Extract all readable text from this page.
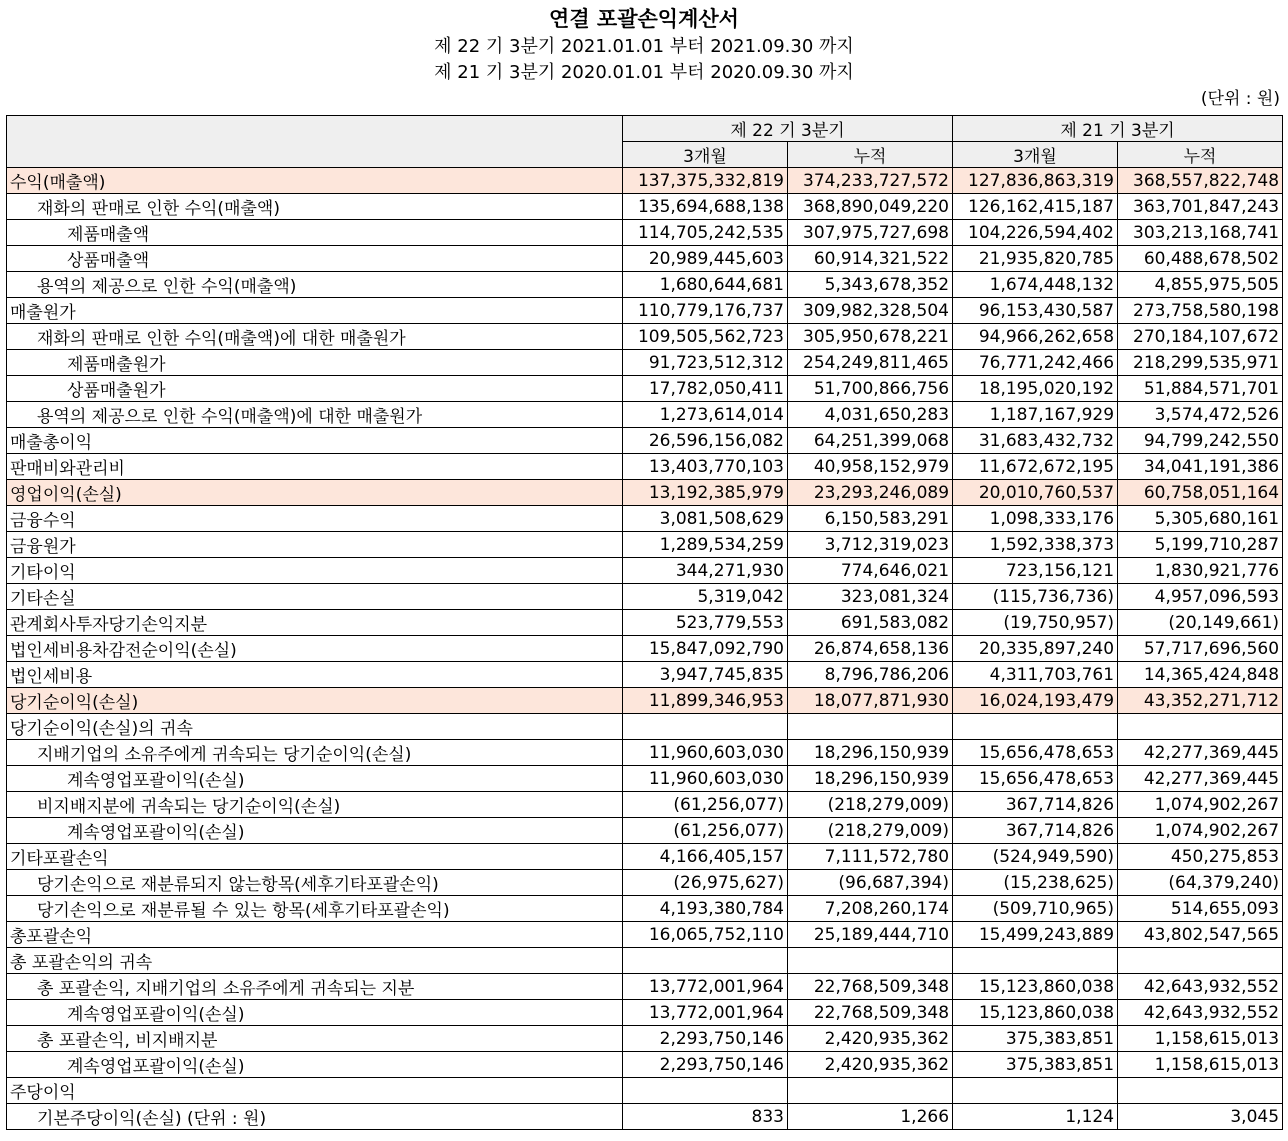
연결 포괄손익계산서
제 22 기 3분기 2021.01.01 부터 2021.09.30 까지
제 21 기 3분기 2020.01.01 부터 2020.09.30 까지
(단위 : 원)
	제 22 기 3분기		제 21 기 3분기	
	3개월	누적	3개월	누적
수익(매출액)	137,375,332,819	374,233,727,572	127,836,863,319	368,557,822,748
재화의 판매로 인한 수익(매출액)	135,694,688,138	368,890,049,220	126,162,415,187	363,701,847,243
제품매출액	114,705,242,535	307,975,727,698	104,226,594,402	303,213,168,741
상품매출액	20,989,445,603	60,914,321,522	21,935,820,785	60,488,678,502
용역의 제공으로 인한 수익(매출액)	1,680,644,681	5,343,678,352	1,674,448,132	4,855,975,505
매출원가	110,779,176,737	309,982,328,504	96,153,430,587	273,758,580,198
재화의 판매로 인한 수익(매출액)에 대한 매출원가	109,505,562,723	305,950,678,221	94,966,262,658	270,184,107,672
제품매출원가	91,723,512,312	254,249,811,465	76,771,242,466	218,299,535,971
상품매출원가	17,782,050,411	51,700,866,756	18,195,020,192	51,884,571,701
용역의 제공으로 인한 수익(매출액)에 대한 매출원가	1,273,614,014	4,031,650,283	1,187,167,929	3,574,472,526
매출총이익	26,596,156,082	64,251,399,068	31,683,432,732	94,799,242,550
판매비와관리비	13,403,770,103	40,958,152,979	11,672,672,195	34,041,191,386
영업이익(손실)	13,192,385,979	23,293,246,089	20,010,760,537	60,758,051,164
금융수익	3,081,508,629	6,150,583,291	1,098,333,176	5,305,680,161
금융원가	1,289,534,259	3,712,319,023	1,592,338,373	5,199,710,287
기타이익	344,271,930	774,646,021	723,156,121	1,830,921,776
기타손실	5,319,042	323,081,324	(115,736,736)	4,957,096,593
관계회사투자당기손익지분	523,779,553	691,583,082	(19,750,957)	(20,149,661)
법인세비용차감전순이익(손실)	15,847,092,790	26,874,658,136	20,335,897,240	57,717,696,560
법인세비용	3,947,745,835	8,796,786,206	4,311,703,761	14,365,424,848
당기순이익(손실)	11,899,346,953	18,077,871,930	16,024,193,479	43,352,271,712
당기순이익(손실)의 귀속				
지배기업의 소유주에게 귀속되는 당기순이익(손실)	11,960,603,030	18,296,150,939	15,656,478,653	42,277,369,445
계속영업포괄이익(손실)	11,960,603,030	18,296,150,939	15,656,478,653	42,277,369,445
비지배지분에 귀속되는 당기순이익(손실)	(61,256,077)	(218,279,009)	367,714,826	1,074,902,267
계속영업포괄이익(손실)	(61,256,077)	(218,279,009)	367,714,826	1,074,902,267
기타포괄손익	4,166,405,157	7,111,572,780	(524,949,590)	450,275,853
당기손익으로 재분류되지 않는항목(세후기타포괄손익)	(26,975,627)	(96,687,394)	(15,238,625)	(64,379,240)
당기손익으로 재분류될 수 있는 항목(세후기타포괄손익)	4,193,380,784	7,208,260,174	(509,710,965)	514,655,093
총포괄손익	16,065,752,110	25,189,444,710	15,499,243,889	43,802,547,565
총 포괄손익의 귀속				
총 포괄손익, 지배기업의 소유주에게 귀속되는 지분	13,772,001,964	22,768,509,348	15,123,860,038	42,643,932,552
계속영업포괄이익(손실)	13,772,001,964	22,768,509,348	15,123,860,038	42,643,932,552
총 포괄손익, 비지배지분	2,293,750,146	2,420,935,362	375,383,851	1,158,615,013
계속영업포괄이익(손실)	2,293,750,146	2,420,935,362	375,383,851	1,158,615,013
주당이익				
기본주당이익(손실) (단위 : 원)	833	1,266	1,124	3,045
